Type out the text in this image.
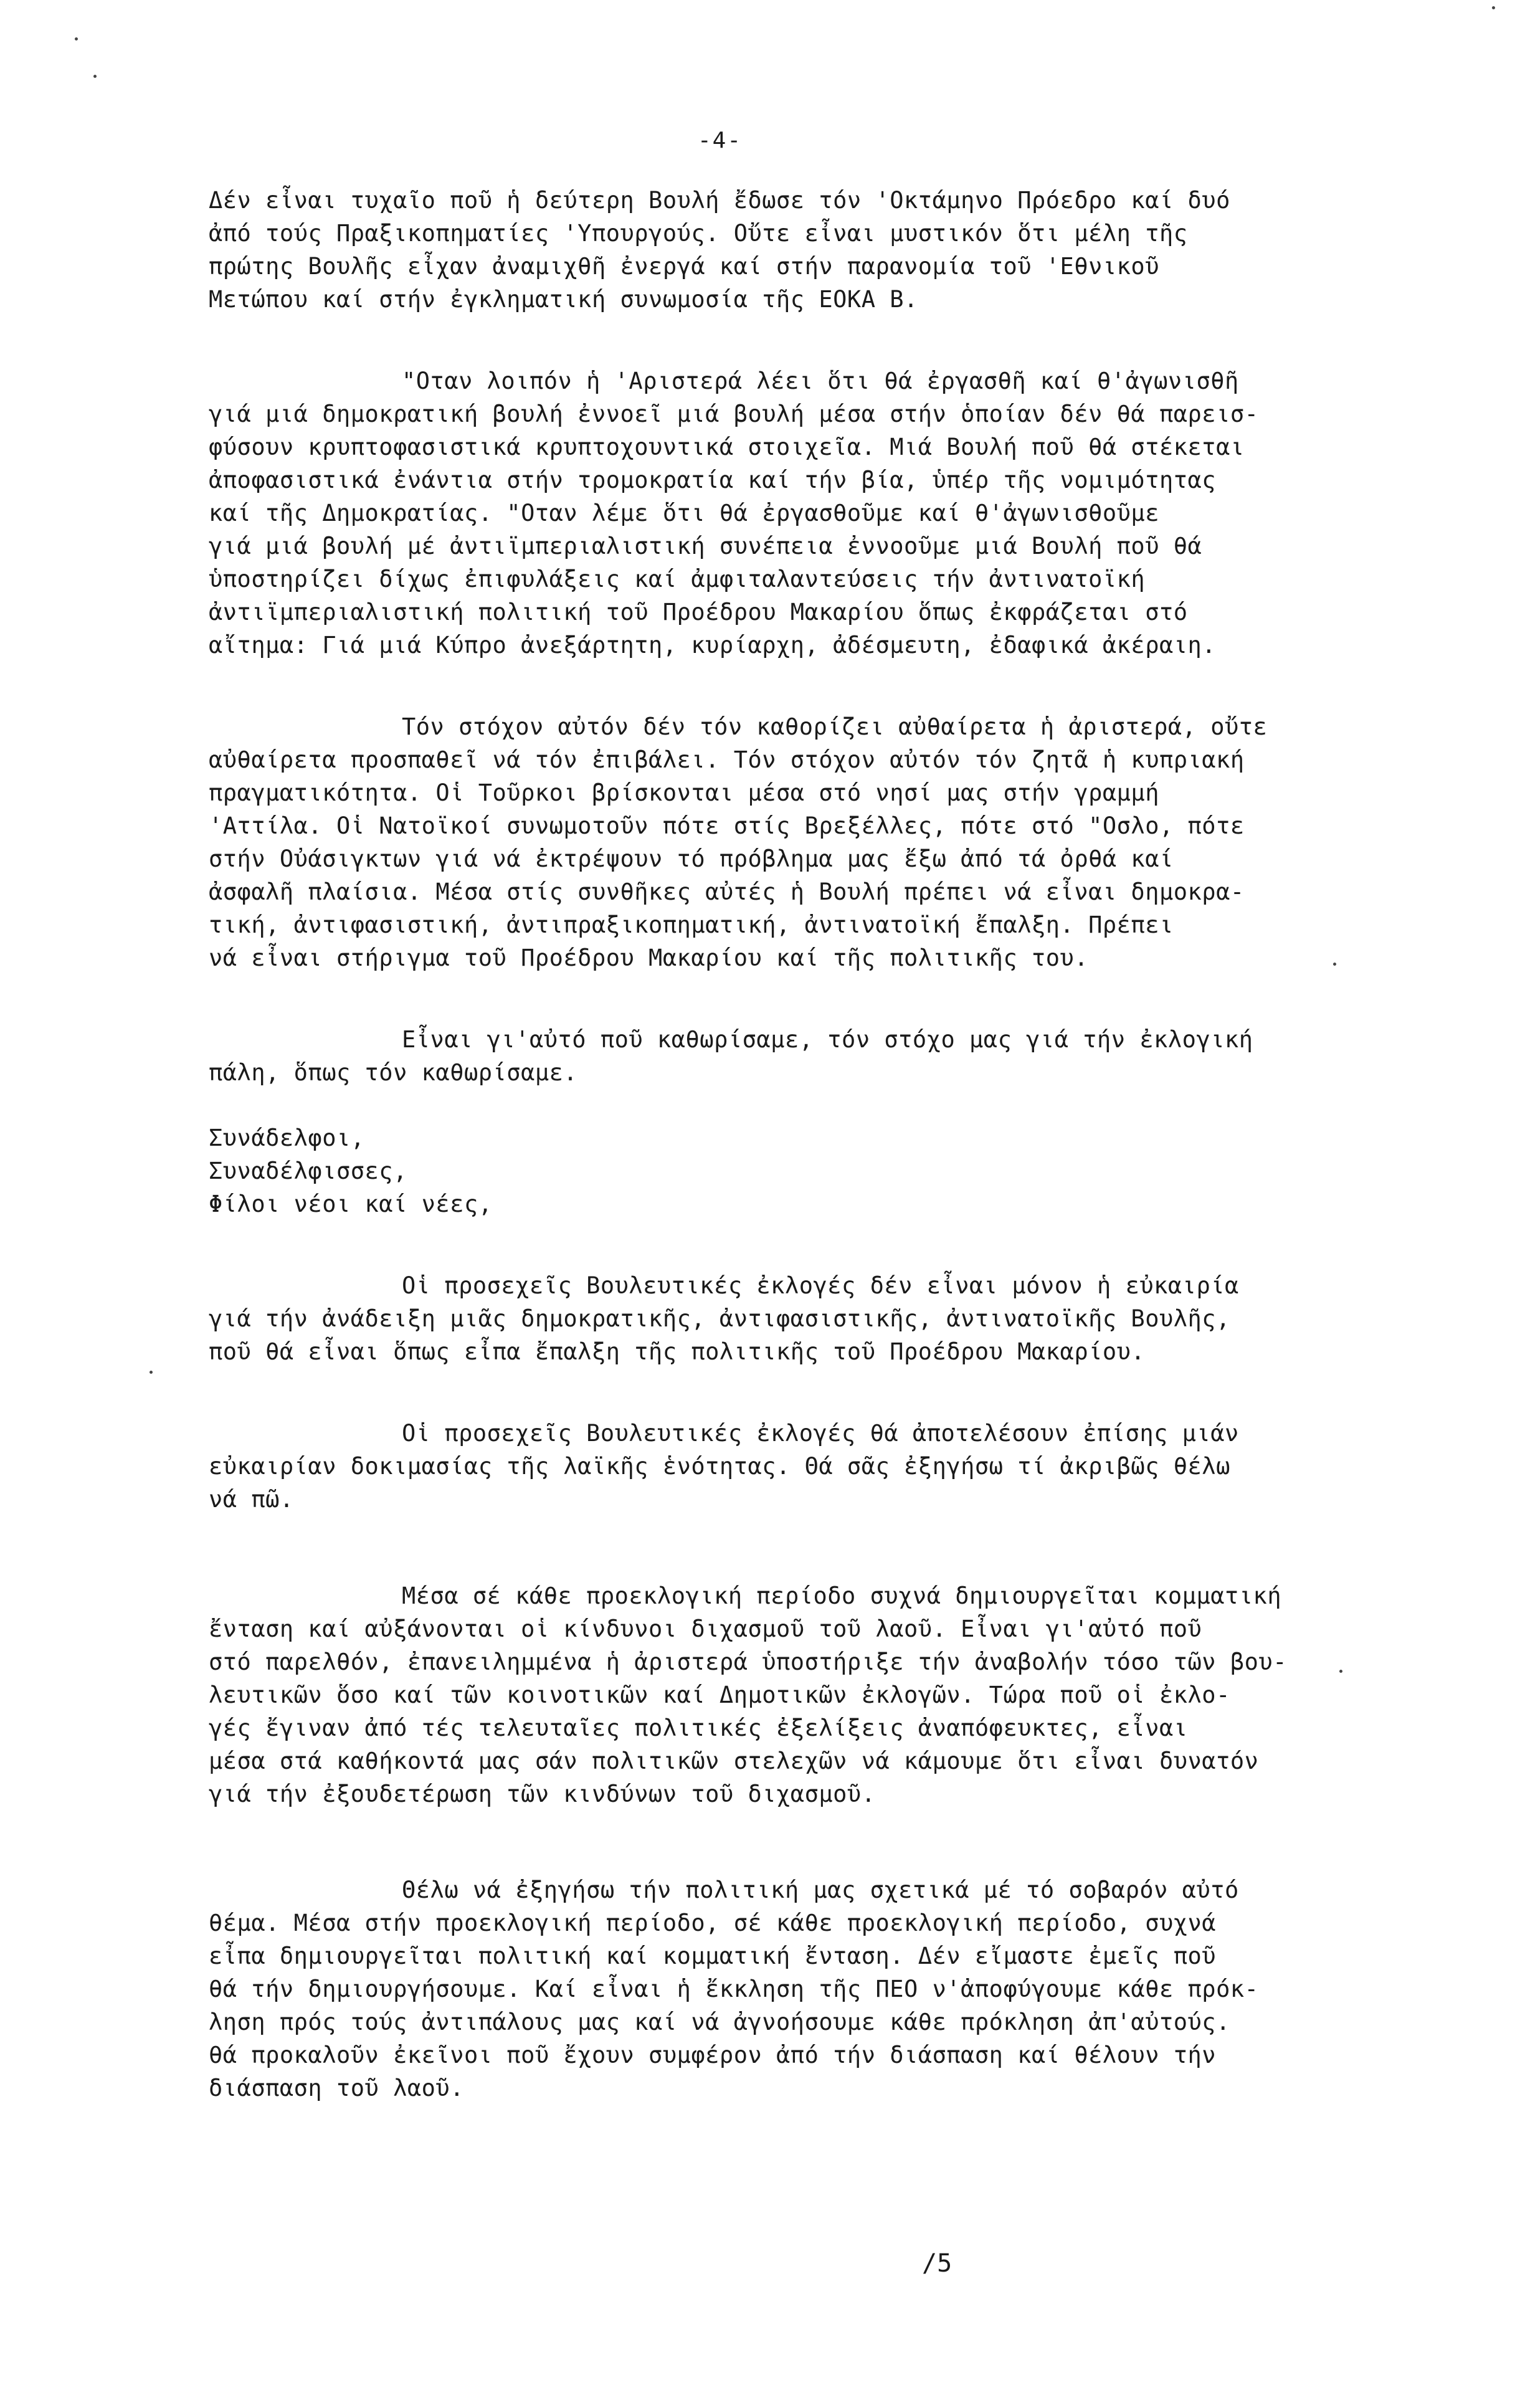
-4-
Δέν εἶναι τυχαῖο ποῦ ἡ δεύτερη Βουλή ἔδωσε τόν 'Οκτάμηνο Πρόεδρο καί δυό
ἀπό τούς Πραξικοπηματίες 'Υπουργούς. Οὔτε εἶναι μυστικόν ὅτι μέλη τῆς
πρώτης Βουλῆς εἶχαν ἀναμιχθῆ ἐνεργά καί στήν παρανομία τοῦ 'Εθνικοῦ
Μετώπου καί στήν ἐγκληματική συνωμοσία τῆς ΕΟΚΑ Β.
"Οταν λοιπόν ἡ 'Αριστερά λέει ὅτι θά ἐργασθῆ καί θ'ἀγωνισθῆ
γιά μιά δημοκρατική βουλή ἐννοεῖ μιά βουλή μέσα στήν ὁποίαν δέν θά παρεισ-
φύσουν κρυπτοφασιστικά κρυπτοχουντικά στοιχεῖα. Μιά Βουλή ποῦ θά στέκεται
ἀποφασιστικά ἐνάντια στήν τρομοκρατία καί τήν βία, ὑπέρ τῆς νομιμότητας
καί τῆς Δημοκρατίας. "Οταν λέμε ὅτι θά ἐργασθοῦμε καί θ'ἀγωνισθοῦμε
γιά μιά βουλή μέ ἀντιϊμπεριαλιστική συνέπεια ἐννοοῦμε μιά Βουλή ποῦ θά
ὑποστηρίζει δίχως ἐπιφυλάξεις καί ἀμφιταλαντεύσεις τήν ἀντινατοϊκή
ἀντιϊμπεριαλιστική πολιτική τοῦ Προέδρου Μακαρίου ὅπως ἐκφράζεται στό
αἴτημα: Γιά μιά Κύπρο ἀνεξάρτητη, κυρίαρχη, ἀδέσμευτη, ἐδαφικά ἀκέραιη.
Τόν στόχον αὐτόν δέν τόν καθορίζει αὐθαίρετα ἡ ἀριστερά, οὔτε
αὐθαίρετα προσπαθεῖ νά τόν ἐπιβάλει. Τόν στόχον αὐτόν τόν ζητᾶ ἡ κυπριακή
πραγματικότητα. Οἱ Τοῦρκοι βρίσκονται μέσα στό νησί μας στήν γραμμή
'Αττίλα. Οἱ Νατοϊκοί συνωμοτοῦν πότε στίς Βρεξέλλες, πότε στό "Οσλο, πότε
στήν Οὐάσιγκτων γιά νά ἐκτρέψουν τό πρόβλημα μας ἔξω ἀπό τά ὀρθά καί
ἀσφαλῆ πλαίσια. Μέσα στίς συνθῆκες αὐτές ἡ Βουλή πρέπει νά εἶναι δημοκρα-
τική, ἀντιφασιστική, ἀντιπραξικοπηματική, ἀντινατοϊκή ἔπαλξη. Πρέπει
νά εἶναι στήριγμα τοῦ Προέδρου Μακαρίου καί τῆς πολιτικῆς του.
Εἶναι γι'αὐτό ποῦ καθωρίσαμε, τόν στόχο μας γιά τήν ἐκλογική
πάλη, ὅπως τόν καθωρίσαμε.
Συνάδελφοι,
Συναδέλφισσες,
Φίλοι νέοι καί νέες,
Οἱ προσεχεῖς Βουλευτικές ἐκλογές δέν εἶναι μόνον ἡ εὐκαιρία
γιά τήν ἀνάδειξη μιᾶς δημοκρατικῆς, ἀντιφασιστικῆς, ἀντινατοϊκῆς Βουλῆς,
ποῦ θά εἶναι ὅπως εἶπα ἔπαλξη τῆς πολιτικῆς τοῦ Προέδρου Μακαρίου.
Οἱ προσεχεῖς Βουλευτικές ἐκλογές θά ἀποτελέσουν ἐπίσης μιάν
εὐκαιρίαν δοκιμασίας τῆς λαϊκῆς ἑνότητας. Θά σᾶς ἐξηγήσω τί ἀκριβῶς θέλω
νά πῶ.
Μέσα σέ κάθε προεκλογική περίοδο συχνά δημιουργεῖται κομματική
ἔνταση καί αὐξάνονται οἱ κίνδυνοι διχασμοῦ τοῦ λαοῦ. Εἶναι γι'αὐτό ποῦ
στό παρελθόν, ἐπανειλημμένα ἡ ἀριστερά ὑποστήριξε τήν ἀναβολήν τόσο τῶν βου-
λευτικῶν ὅσο καί τῶν κοινοτικῶν καί Δημοτικῶν ἐκλογῶν. Τώρα ποῦ οἱ ἐκλο-
γές ἔγιναν ἀπό τές τελευταῖες πολιτικές ἐξελίξεις ἀναπόφευκτες, εἶναι
μέσα στά καθήκοντά μας σάν πολιτικῶν στελεχῶν νά κάμουμε ὅτι εἶναι δυνατόν
γιά τήν ἐξουδετέρωση τῶν κινδύνων τοῦ διχασμοῦ.
Θέλω νά ἐξηγήσω τήν πολιτική μας σχετικά μέ τό σοβαρόν αὐτό
θέμα. Μέσα στήν προεκλογική περίοδο, σέ κάθε προεκλογική περίοδο, συχνά
εἶπα δημιουργεῖται πολιτική καί κομματική ἔνταση. Δέν εἴμαστε ἐμεῖς ποῦ
θά τήν δημιουργήσουμε. Καί εἶναι ἡ ἔκκληση τῆς ΠΕΟ ν'ἀποφύγουμε κάθε πρόκ-
ληση πρός τούς ἀντιπάλους μας καί νά ἀγνοήσουμε κάθε πρόκληση ἀπ'αὐτούς.
θά προκαλοῦν ἐκεῖνοι ποῦ ἔχουν συμφέρον ἀπό τήν διάσπαση καί θέλουν τήν
διάσπαση τοῦ λαοῦ.
/5
